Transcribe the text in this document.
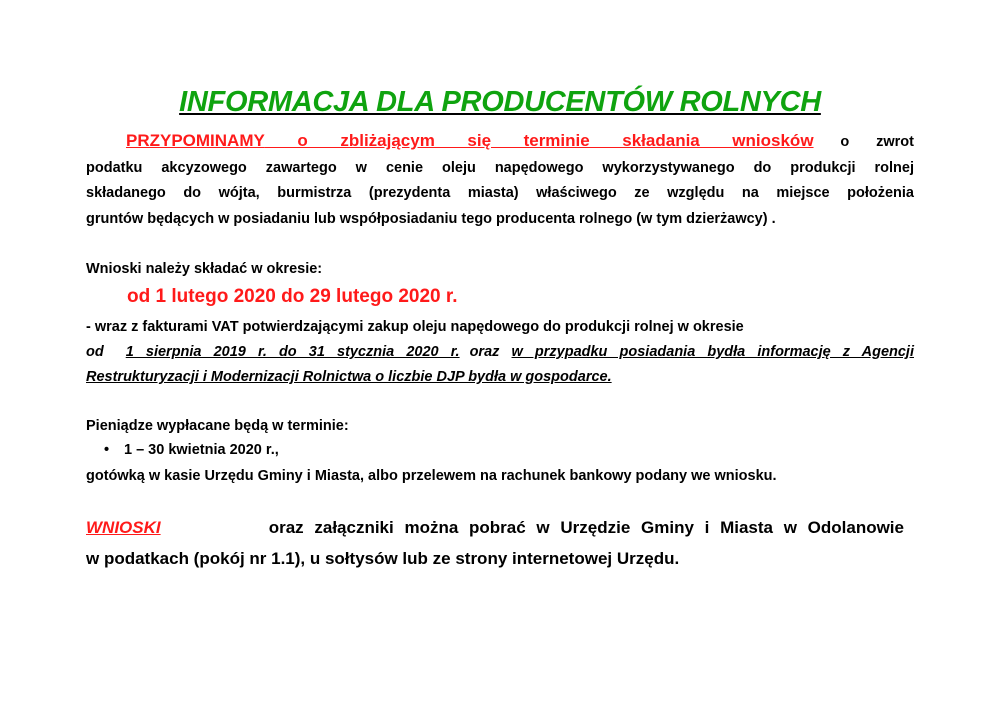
INFORMACJA DLA PRODUCENTÓW ROLNYCH
PRZYPOMINAMY o zbliżającym się terminie składania wniosków o zwrot
podatku akcyzowego zawartego w cenie oleju napędowego wykorzystywanego do produkcji rolnej
składanego do wójta, burmistrza (prezydenta miasta) właściwego ze względu na miejsce położenia
gruntów będących w posiadaniu lub współposiadaniu tego producenta rolnego (w tym dzierżawcy) .
Wnioski należy składać w okresie:
od 1 lutego 2020 do 29 lutego 2020 r.
- wraz z fakturami VAT potwierdzającymi zakup oleju napędowego do produkcji rolnej w okresie
od 1 sierpnia 2019 r. do 31 stycznia 2020 r. oraz w przypadku posiadania bydła informację z Agencji
Restrukturyzacji i Modernizacji Rolnictwa o liczbie DJP bydła w gospodarce.
Pieniądze wypłacane będą w terminie:
• 1 – 30 kwietnia 2020 r.,
gotówką w kasie Urzędu Gminy i Miasta, albo przelewem na rachunek bankowy podany we wniosku.
WNIOSKI	oraz załączniki można pobrać w Urzędzie Gminy i Miasta w Odolanowie
w podatkach (pokój nr 1.1), u sołtysów lub ze strony internetowej Urzędu.
